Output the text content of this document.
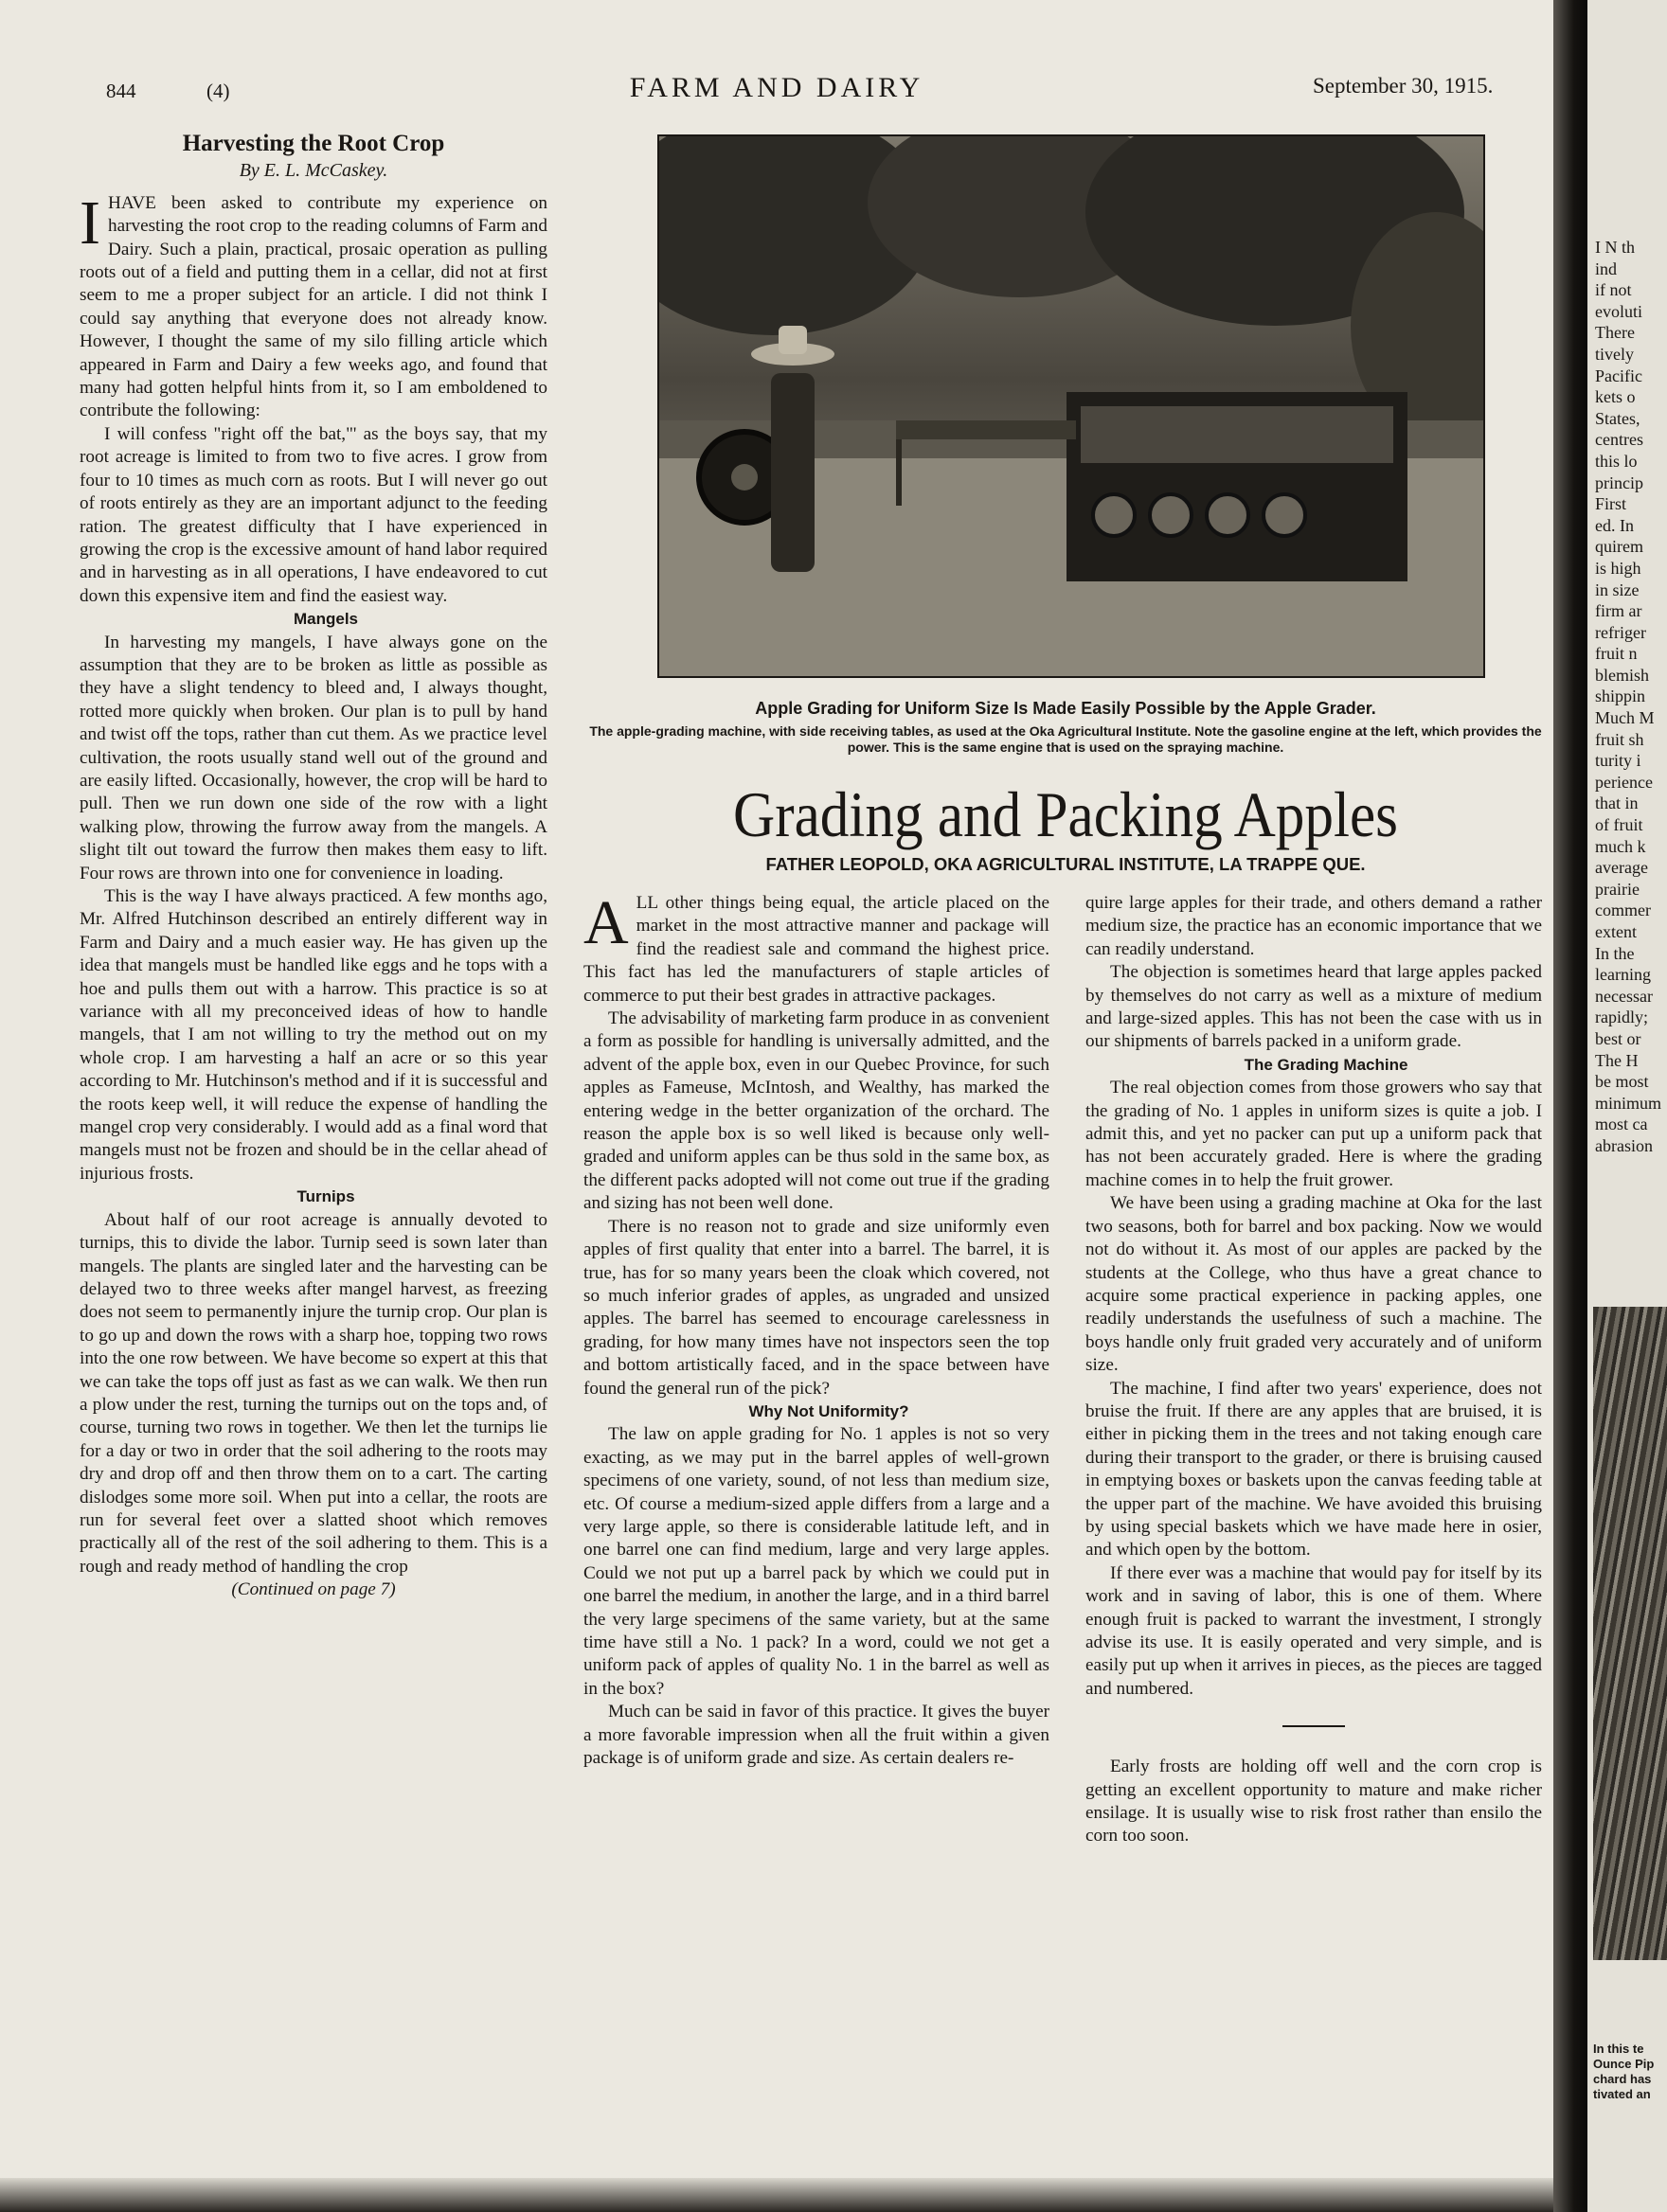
844	(4)	FARM AND DAIRY	September 30, 1915.
Harvesting the Root Crop
By E. L. McCaskey.

IHAVE been asked to contribute my experience on harvesting the root crop to the reading columns of Farm and Dairy. Such a plain, practical, prosaic operation as pulling roots out of a field and putting them in a cellar, did not at first seem to me a proper subject for an article. I did not think I could say anything that everyone does not already know. However, I thought the same of my silo filling article which appeared in Farm and Dairy a few weeks ago, and found that many had gotten helpful hints from it, so I am emboldened to contribute the following:

I will confess "right off the bat,"' as the boys say, that my root acreage is limited to from two to five acres. I grow from four to 10 times as much corn as roots. But I will never go out of roots entirely as they are an important adjunct to the feeding ration. The greatest difficulty that I have experienced in growing the crop is the excessive amount of hand labor required and in harvesting as in all operations, I have endeavored to cut down this expensive item and find the easiest way.

Mangels

In harvesting my mangels, I have always gone on the assumption that they are to be broken as little as possible as they have a slight tendency to bleed and, I always thought, rotted more quickly when broken. Our plan is to pull by hand and twist off the tops, rather than cut them. As we practice level cultivation, the roots usually stand well out of the ground and are easily lifted. Occasionally, however, the crop will be hard to pull. Then we run down one side of the row with a light walking plow, throwing the furrow away from the mangels. A slight tilt out toward the furrow then makes them easy to lift. Four rows are thrown into one for convenience in loading.

This is the way I have always practiced. A few months ago, Mr. Alfred Hutchinson described an entirely different way in Farm and Dairy and a much easier way. He has given up the idea that mangels must be handled like eggs and he tops with a hoe and pulls them out with a harrow. This practice is so at variance with all my preconceived ideas of how to handle mangels, that I am not willing to try the method out on my whole crop. I am harvesting a half an acre or so this year according to Mr. Hutchinson's method and if it is successful and the roots keep well, it will reduce the expense of handling the mangel crop very considerably. I would add as a final word that mangels must not be frozen and should be in the cellar ahead of injurious frosts.

Turnips

About half of our root acreage is annually devoted to turnips, this to divide the labor. Turnip seed is sown later than mangels. The plants are singled later and the harvesting can be delayed two to three weeks after mangel harvest, as freezing does not seem to permanently injure the turnip crop. Our plan is to go up and down the rows with a sharp hoe, topping two rows into the one row between. We have become so expert at this that we can take the tops off just as fast as we can walk. We then run a plow under the rest, turning the turnips out on the tops and, of course, turning two rows in together. We then let the turnips lie for a day or two in order that the soil adhering to the roots may dry and drop off and then throw them on to a cart. The carting dislodges some more soil. When put into a cellar, the roots are run for several feet over a slatted shoot which removes practically all of the rest of the soil adhering to them. This is a rough and ready method of handling the crop

(Continued on page 7)

Apple Grading for Uniform Size Is Made Easily Possible by the Apple Grader.
The apple-grading machine, with side receiving tables, as used at the Oka Agricultural Institute. Note the gasoline engine at the left, which provides the power. This is the same engine that is used on the spraying machine.
Grading and Packing Apples
FATHER LEOPOLD, OKA AGRICULTURAL INSTITUTE, LA TRAPPE QUE.

ALL other things being equal, the article placed on the market in the most attractive manner and package will find the readiest sale and command the highest price. This fact has led the manufacturers of staple articles of commerce to put their best grades in attractive packages.

The advisability of marketing farm produce in as convenient a form as possible for handling is universally admitted, and the advent of the apple box, even in our Quebec Province, for such apples as Fameuse, McIntosh, and Wealthy, has marked the entering wedge in the better organization of the orchard. The reason the apple box is so well liked is because only well-graded and uniform apples can be thus sold in the same box, as the different packs adopted will not come out true if the grading and sizing has not been well done.

There is no reason not to grade and size uniformly even apples of first quality that enter into a barrel. The barrel, it is true, has for so many years been the cloak which covered, not so much inferior grades of apples, as ungraded and unsized apples. The barrel has seemed to encourage carelessness in grading, for how many times have not inspectors seen the top and bottom artistically faced, and in the space between have found the general run of the pick?

Why Not Uniformity?

The law on apple grading for No. 1 apples is not so very exacting, as we may put in the barrel apples of well-grown specimens of one variety, sound, of not less than medium size, etc. Of course a medium-sized apple differs from a large and a very large apple, so there is considerable latitude left, and in one barrel one can find medium, large and very large apples. Could we not put up a barrel pack by which we could put in one barrel the medium, in another the large, and in a third barrel the very large specimens of the same variety, but at the same time have still a No. 1 pack? In a word, could we not get a uniform pack of apples of quality No. 1 in the barrel as well as in the box?

Much can be said in favor of this practice. It gives the buyer a more favorable impression when all the fruit within a given package is of uniform grade and size. As certain dealers re-

quire large apples for their trade, and others demand a rather medium size, the practice has an economic importance that we can readily understand.

The objection is sometimes heard that large apples packed by themselves do not carry as well as a mixture of medium and large-sized apples. This has not been the case with us in our shipments of barrels packed in a uniform grade.

The Grading Machine

The real objection comes from those growers who say that the grading of No. 1 apples in uniform sizes is quite a job. I admit this, and yet no packer can put up a uniform pack that has not been accurately graded. Here is where the grading machine comes in to help the fruit grower.

We have been using a grading machine at Oka for the last two seasons, both for barrel and box packing. Now we would not do without it. As most of our apples are packed by the students at the College, who thus have a great chance to acquire some practical experience in packing apples, one readily understands the usefulness of such a machine. The boys handle only fruit graded very accurately and of uniform size.

The machine, I find after two years' experience, does not bruise the fruit. If there are any apples that are bruised, it is either in picking them in the trees and not taking enough care during their transport to the grader, or there is bruising caused in emptying boxes or baskets upon the canvas feeding table at the upper part of the machine. We have avoided this bruising by using special baskets which we have made here in osier, and which open by the bottom.

If there ever was a machine that would pay for itself by its work and in saving of labor, this is one of them. Where enough fruit is packed to warrant the investment, I strongly advise its use. It is easily operated and very simple, and is easily put up when it arrives in pieces, as the pieces are tagged and numbered.

Early frosts are holding off well and the corn crop is getting an excellent opportunity to mature and make richer ensilage. It is usually wise to risk frost rather than ensilo the corn too soon.

I N th
ind
if not
evoluti
There
tively
Pacific
kets o
States,
centres
this lo
princip
First
ed. In
quirem
is high
in size
firm ar
refriger
fruit n
blemish
shippin
Much M
fruit sh
turity i
perience
that in
of fruit
much k
average
prairie
commer
extent
In the
learning
necessar
rapidly;
best or
The H
be most
minimum
most ca
abrasion
In this te
Ounce Pip
chard has
tivated an
